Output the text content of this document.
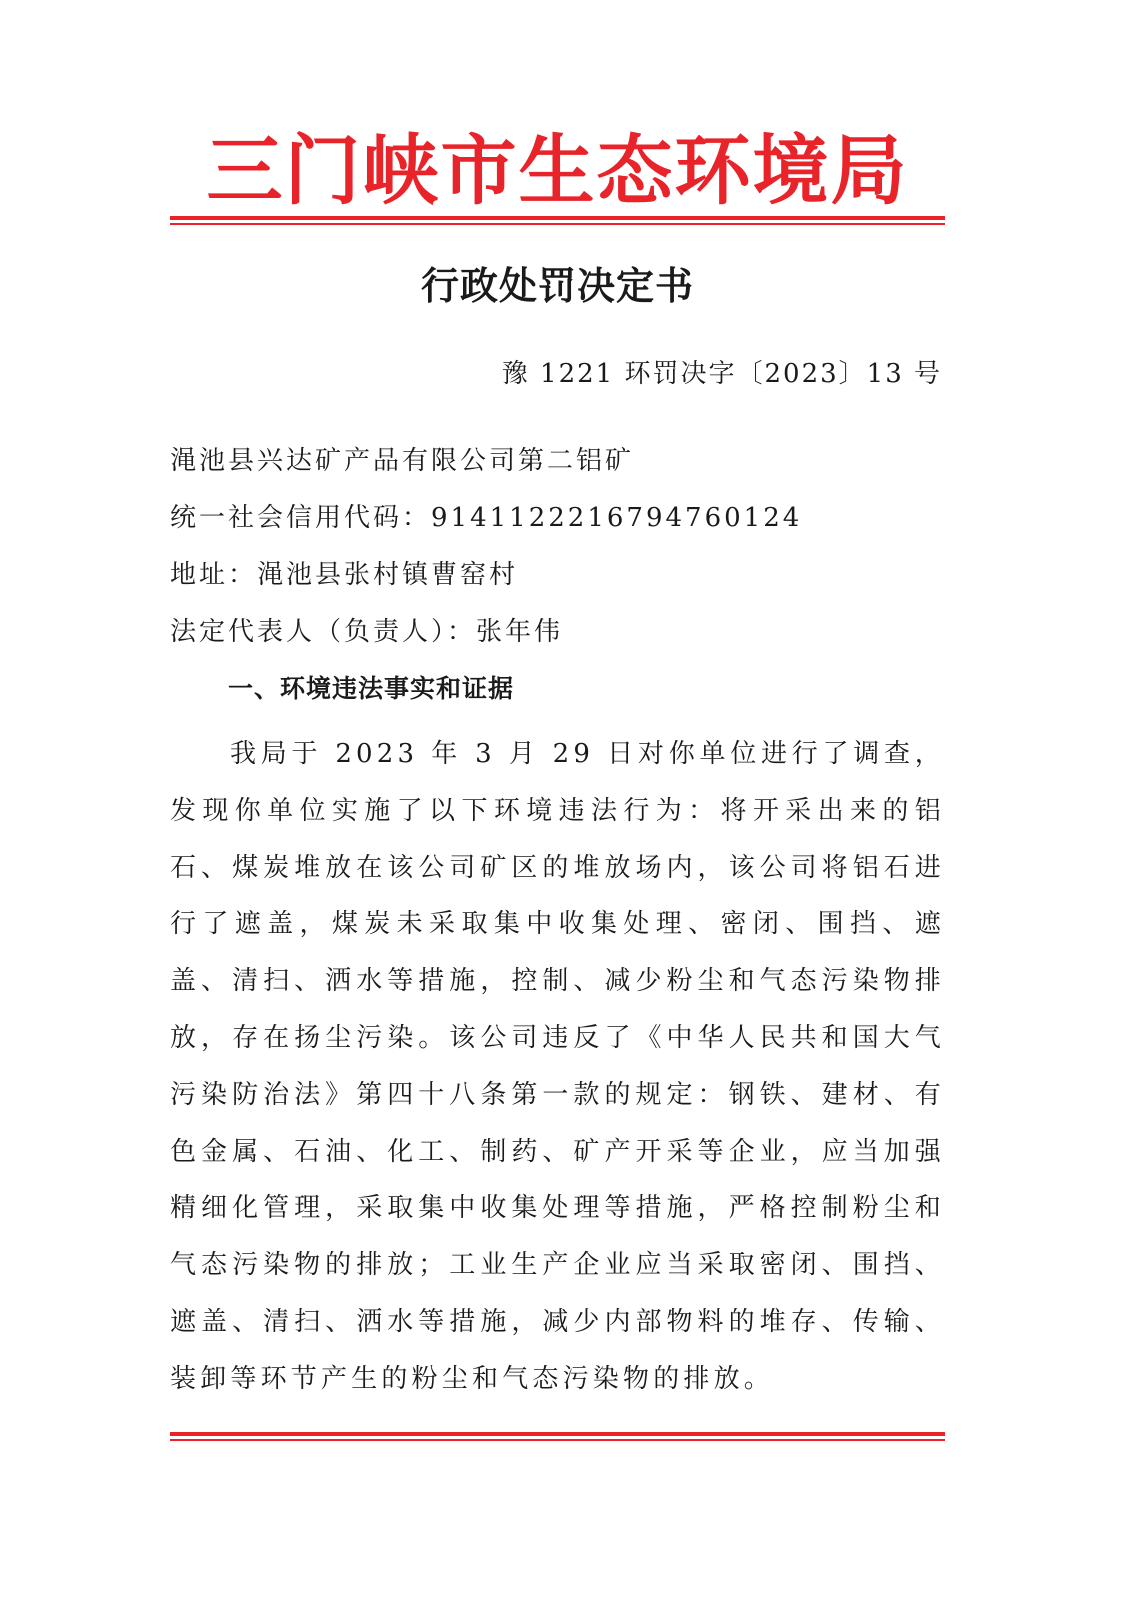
三门峡市生态环境局
行政处罚决定书
豫 1221 环罚决字〔2023〕13 号
渑池县兴达矿产品有限公司第二铝矿
统一社会信用代码：9141122216794760124
地址：渑池县张村镇曹窑村
法定代表人（负责人）：张年伟
一、环境违法事实和证据

我局于 2023 年 3 月 29 日对你单位进行了调查，发现你单位实施了以下环境违法行为：将开采出来的铝石、煤炭堆放在该公司矿区的堆放场内，该公司将铝石进行了遮盖，煤炭未采取集中收集处理、密闭、围挡、遮盖、清扫、洒水等措施，控制、减少粉尘和气态污染物排放，存在扬尘污染。该公司违反了《中华人民共和国大气污染防治法》第四十八条第一款的规定：钢铁、建材、有色金属、石油、化工、制药、矿产开采等企业，应当加强精细化管理，采取集中收集处理等措施，严格控制粉尘和气态污染物的排放；工业生产企业应当采取密闭、围挡、遮盖、清扫、洒水等措施，减少内部物料的堆存、传输、装卸等环节产生的粉尘和气态污染物的排放。
